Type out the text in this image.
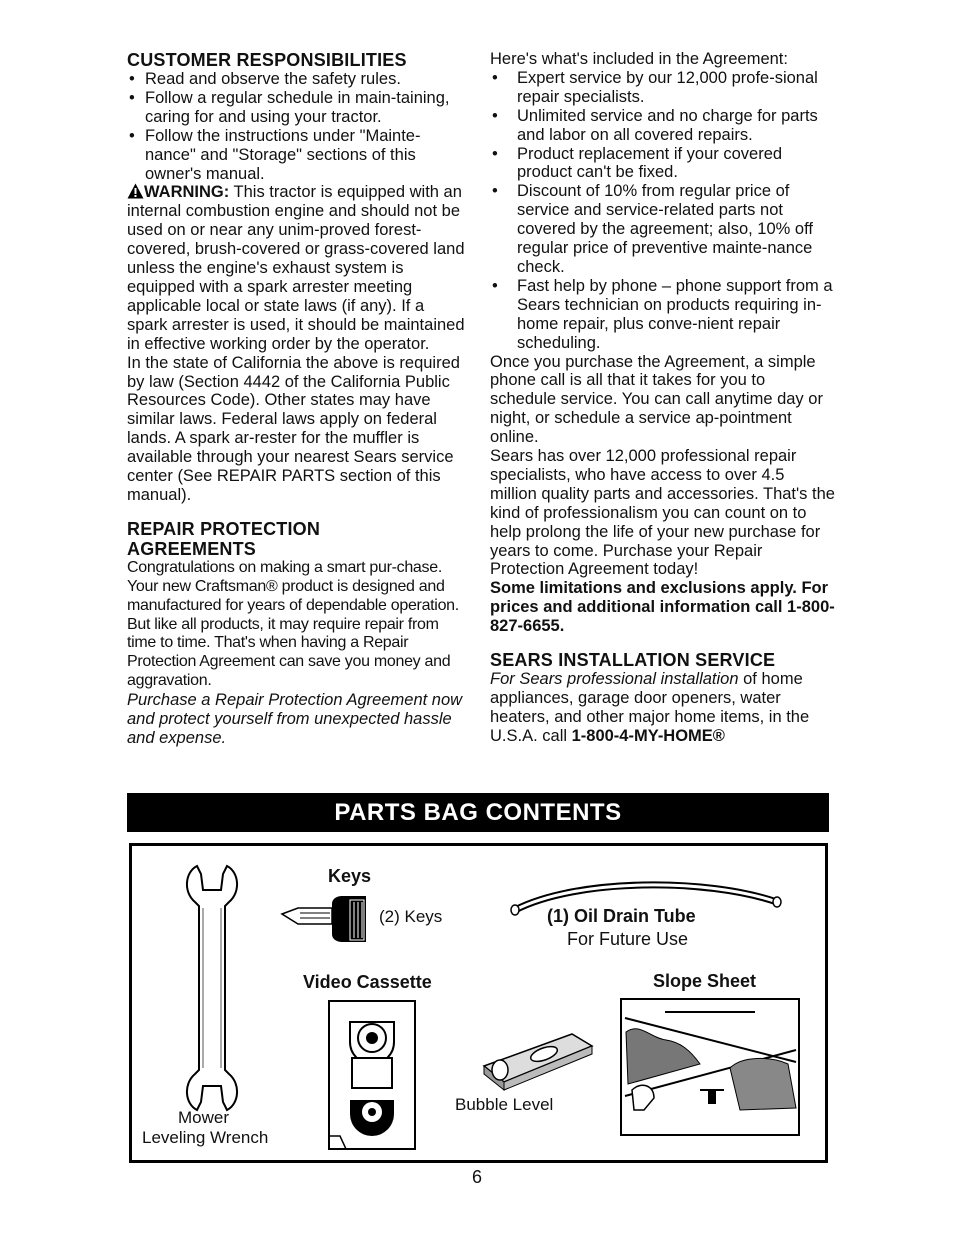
CUSTOMER RESPONSIBILITIES
• Read and observe the safety rules.
• Follow a regular schedule in main-taining, caring for and using your tractor.
• Follow the instructions under "Mainte-nance" and "Storage" sections of this owner's manual.

WARNING: This tractor is equipped with an internal combustion engine and should not be used on or near any unim-proved forest-covered, brush-covered or grass-covered land unless the engine's exhaust system is equipped with a spark arrester meeting applicable local or state laws (if any). If a spark arrester is used, it should be maintained in effective working order by the operator.

In the state of California the above is required by law (Section 4442 of the California Public Resources Code). Other states may have similar laws. Federal laws apply on federal lands. A spark ar-rester for the muffler is available through your nearest Sears service center (See REPAIR PARTS section of this manual).

REPAIR PROTECTION
AGREEMENTS

Congratulations on making a smart pur-chase. Your new Craftsman® product is designed and manufactured for years of dependable operation. But like all products, it may require repair from time to time. That's when having a Repair Protection Agreement can save you money and aggravation.

Purchase a Repair Protection Agreement now and protect yourself from unexpected hassle and expense.

Here's what's included in the Agreement:

• Expert service by our 12,000 profe-sional repair specialists.
• Unlimited service and no charge for parts and labor on all covered repairs.
• Product replacement if your covered product can't be fixed.
• Discount of 10% from regular price of service and service-related parts not covered by the agreement; also, 10% off regular price of preventive mainte-nance check.
• Fast help by phone – phone support from a Sears technician on products requiring in-home repair, plus conve-nient repair scheduling.

Once you purchase the Agreement, a simple phone call is all that it takes for you to schedule service. You can call anytime day or night, or schedule a service ap-pointment online.

Sears has over 12,000 professional repair specialists, who have access to over 4.5 million quality parts and accessories. That's the kind of professionalism you can count on to help prolong the life of your new purchase for years to come. Purchase your Repair Protection Agreement today!

Some limitations and exclusions apply. For prices and additional information call 1-800-827-6655.

SEARS INSTALLATION SERVICE

For Sears professional installation of home appliances, garage door openers, water heaters, and other major home items, in the U.S.A. call 1-800-4-MY-HOME®

PARTS BAG CONTENTS
Mower
Leveling Wrench
Keys
(2) Keys	(1) Oil Drain Tube
For Future Use
Video Cassette
Bubble Level
Slope Sheet
6
